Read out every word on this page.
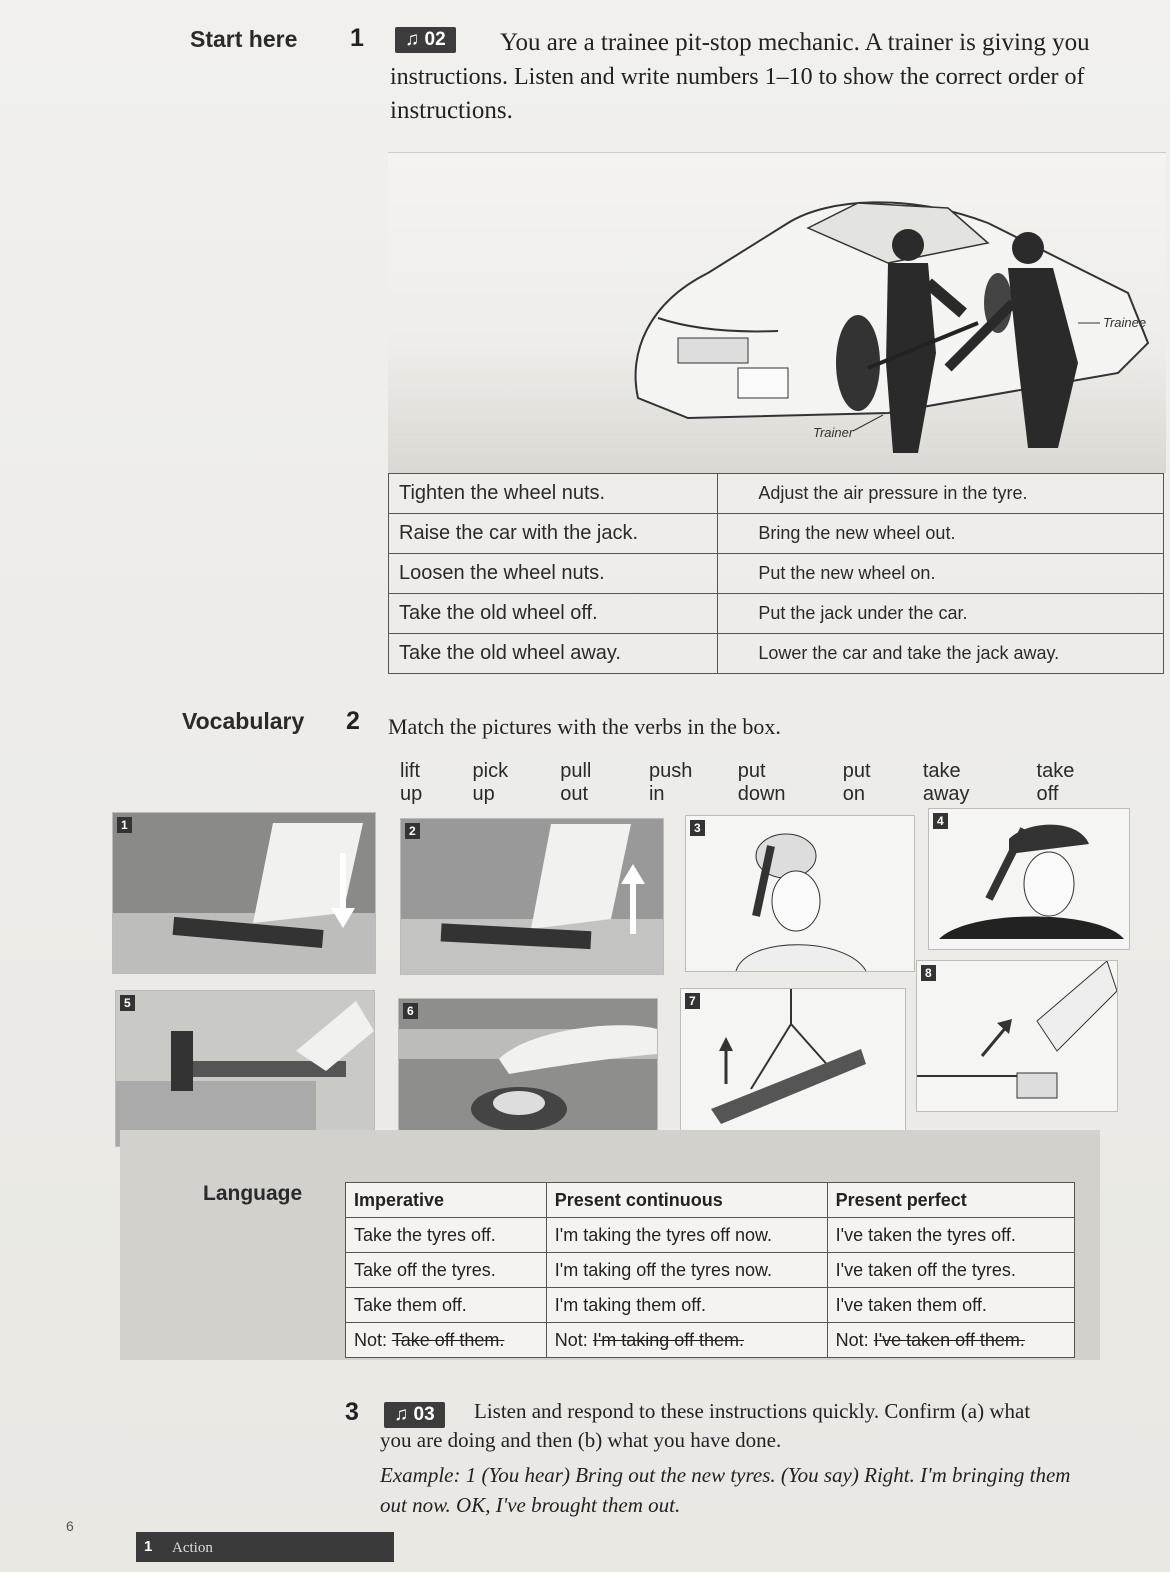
Start here 1	♫ 02	You are a trainee pit-stop mechanic. A trainer is giving you
instructions. Listen and write numbers 1–10 to show the correct order of
instructions.
Trainee
Trainer
Tighten the wheel nuts.	Adjust the air pressure in the tyre.
Raise the car with the jack.	Bring the new wheel out.
Loosen the wheel nuts.	Put the new wheel on.
Take the old wheel off.	Put the jack under the car.
Take the old wheel away.	Lower the car and take the jack away.
Vocabulary 2 Match the pictures with the verbs in the box.
lift up
pick up
pull out
push in
put down
put on
take away
take off
1	2	3	4
5
6
7
8
Language	Imperative	Present continuous	Present perfect
Take the tyres off.	I'm taking the tyres off now.	I've taken the tyres off.
Take off the tyres.	I'm taking off the tyres now.	I've taken off the tyres.
Take them off.	I'm taking them off.	I've taken them off.
Not: Take off them.	Not: I'm taking off them.	Not: I've taken off them.
3	♫ 03	Listen and respond to these instructions quickly. Confirm (a) what
you are doing and then (b) what you have done.
Example: 1 (You hear) Bring out the new tyres. (You say) Right. I'm bringing them out now. OK, I've brought them out.
6
1 Action
